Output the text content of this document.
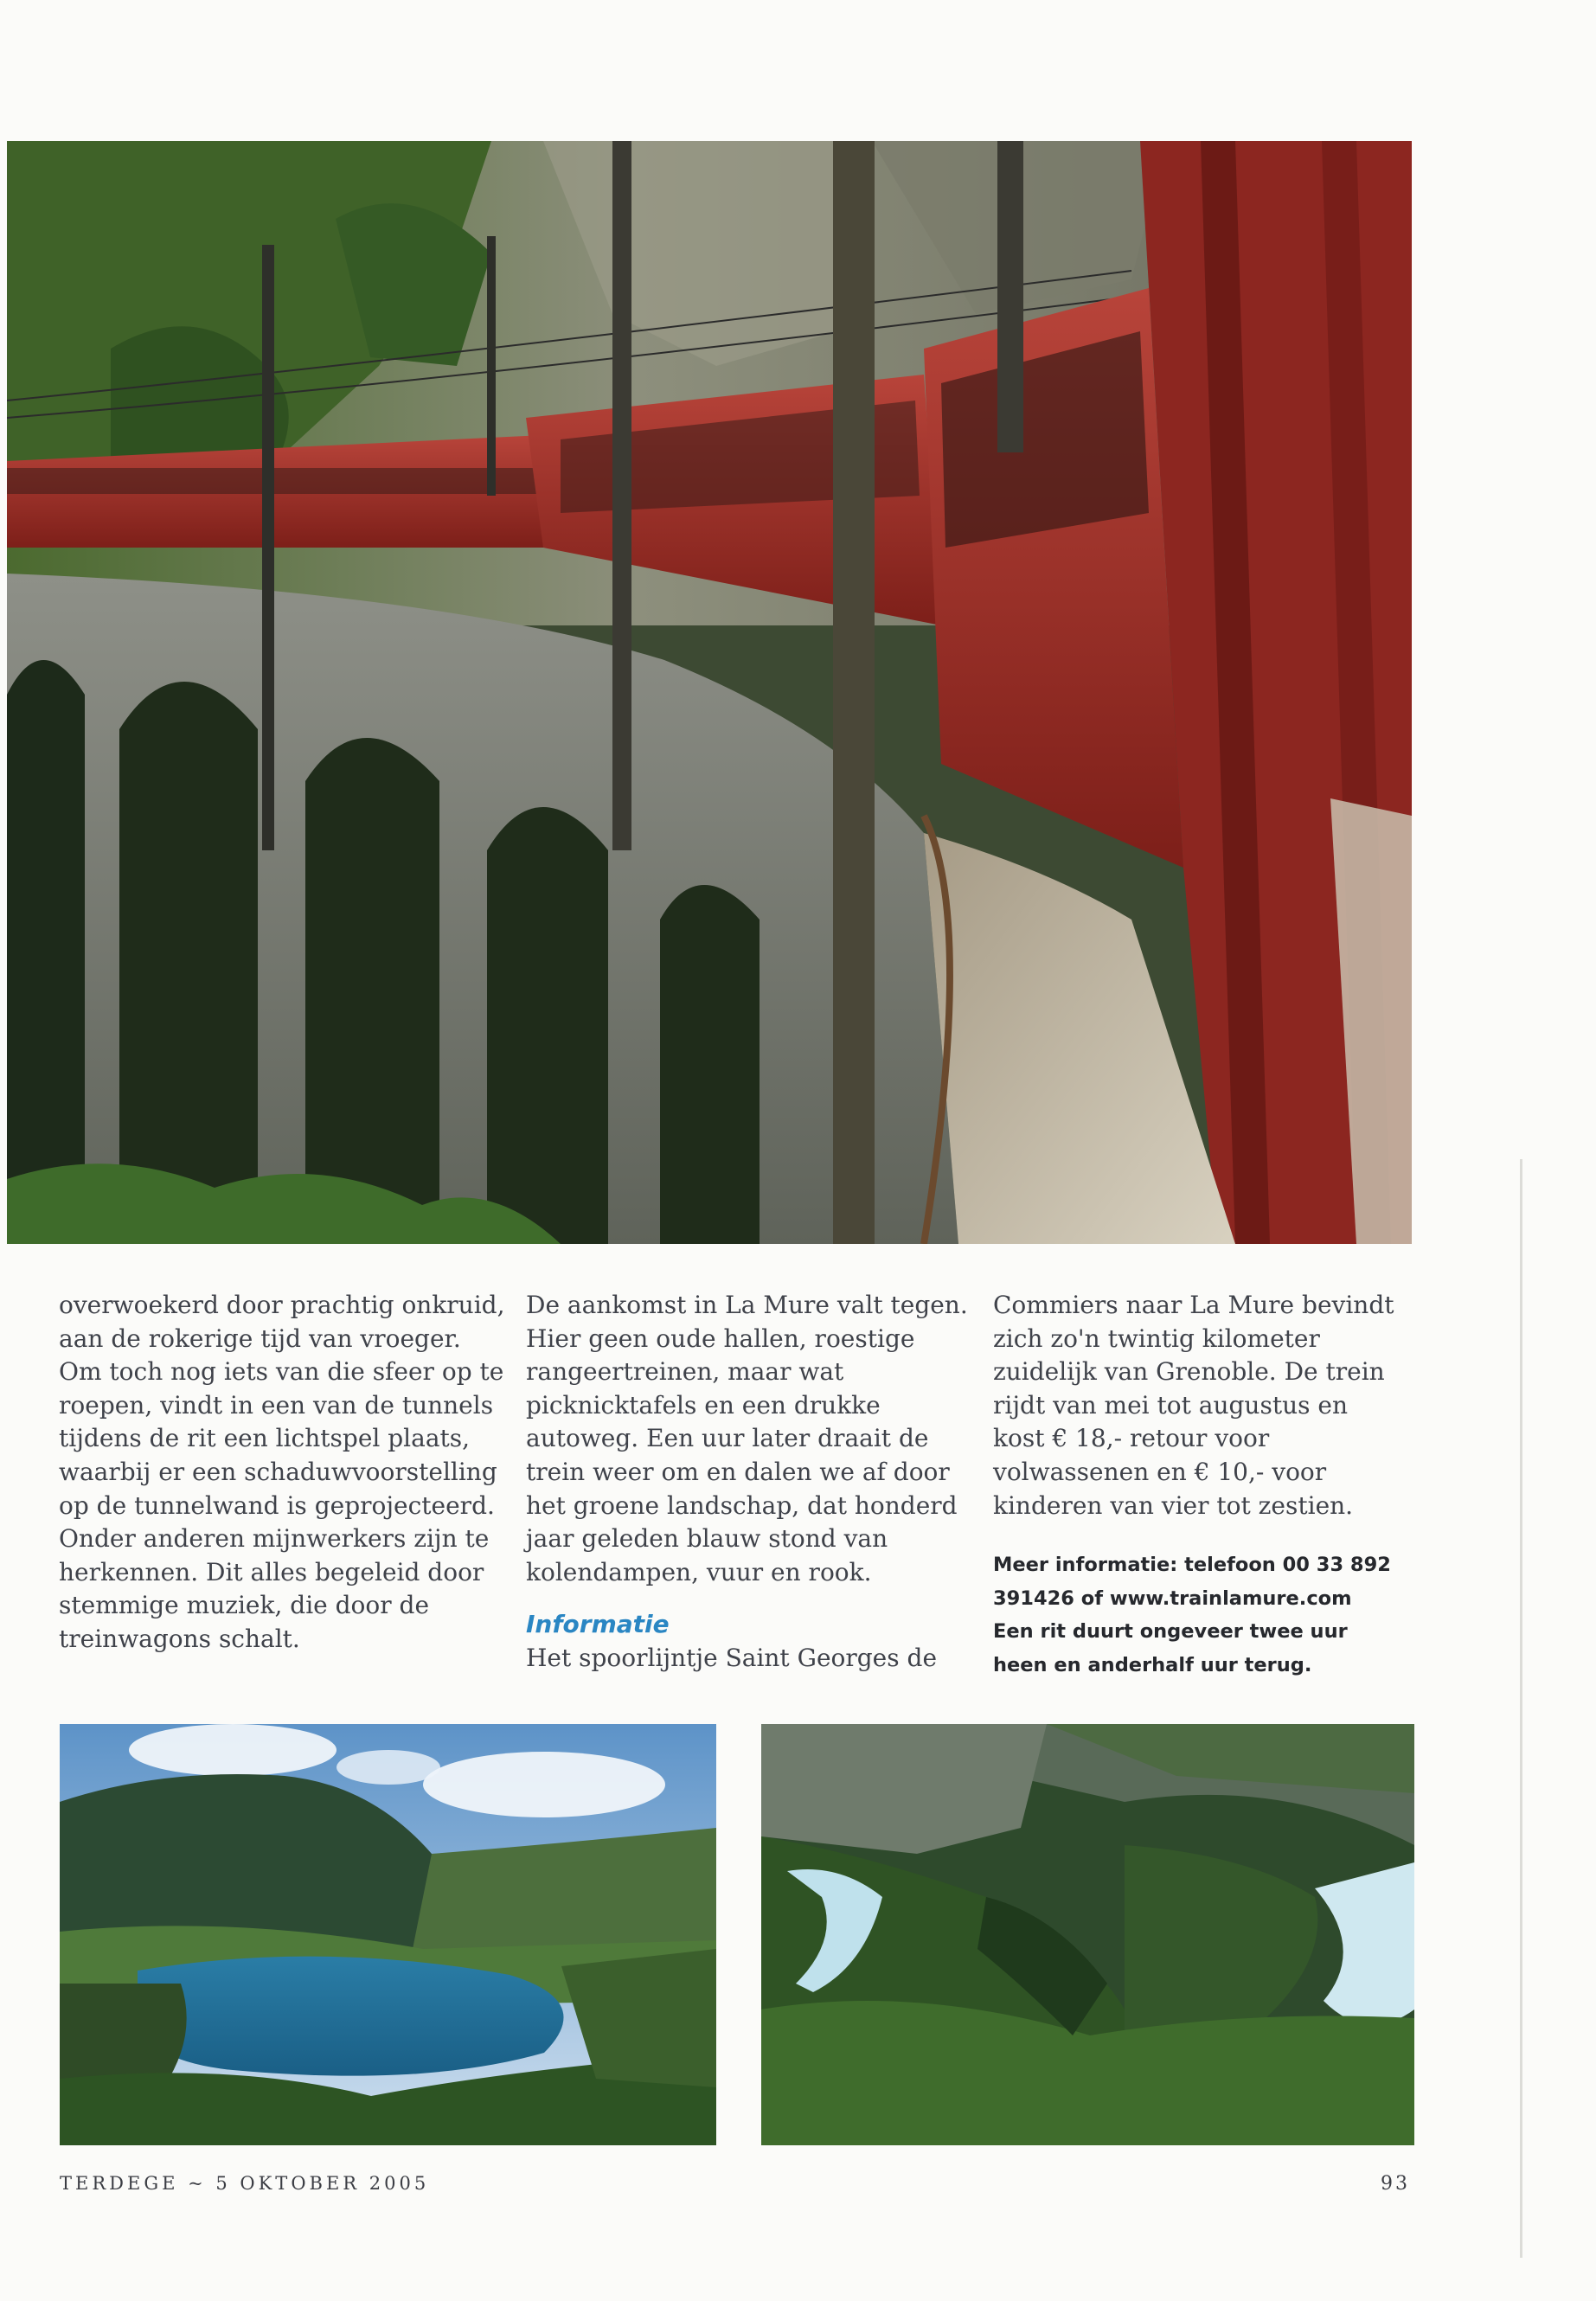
overwoekerd door prachtig onkruid, aan de rokerige tijd van vroeger.

Om toch nog iets van die sfeer op te roepen, vindt in een van de tunnels tijdens de rit een lichtspel plaats, waarbij er een schaduwvoorstelling op de tunnelwand is geprojecteerd. Onder anderen mijnwerkers zijn te herkennen. Dit alles begeleid door stemmige muziek, die door de treinwagons schalt.

De aankomst in La Mure valt tegen. Hier geen oude hallen, roestige rangeertreinen, maar wat picknicktafels en een drukke autoweg. Een uur later draait de trein weer om en dalen we af door het groene landschap, dat honderd jaar geleden blauw stond van kolendampen, vuur en rook.

Informatie

Het spoorlijntje Saint Georges de

Commiers naar La Mure bevindt zich zo'n twintig kilometer zuidelijk van Grenoble. De trein rijdt van mei tot augustus en kost € 18,- retour voor volwassenen en € 10,- voor kinderen van vier tot zestien.

Meer informatie: telefoon 00 33 892 391426 of www.trainlamure.com
Een rit duurt ongeveer twee uur heen en anderhalf uur terug.

TERDEGE ~ 5 OKTOBER 2005	93
